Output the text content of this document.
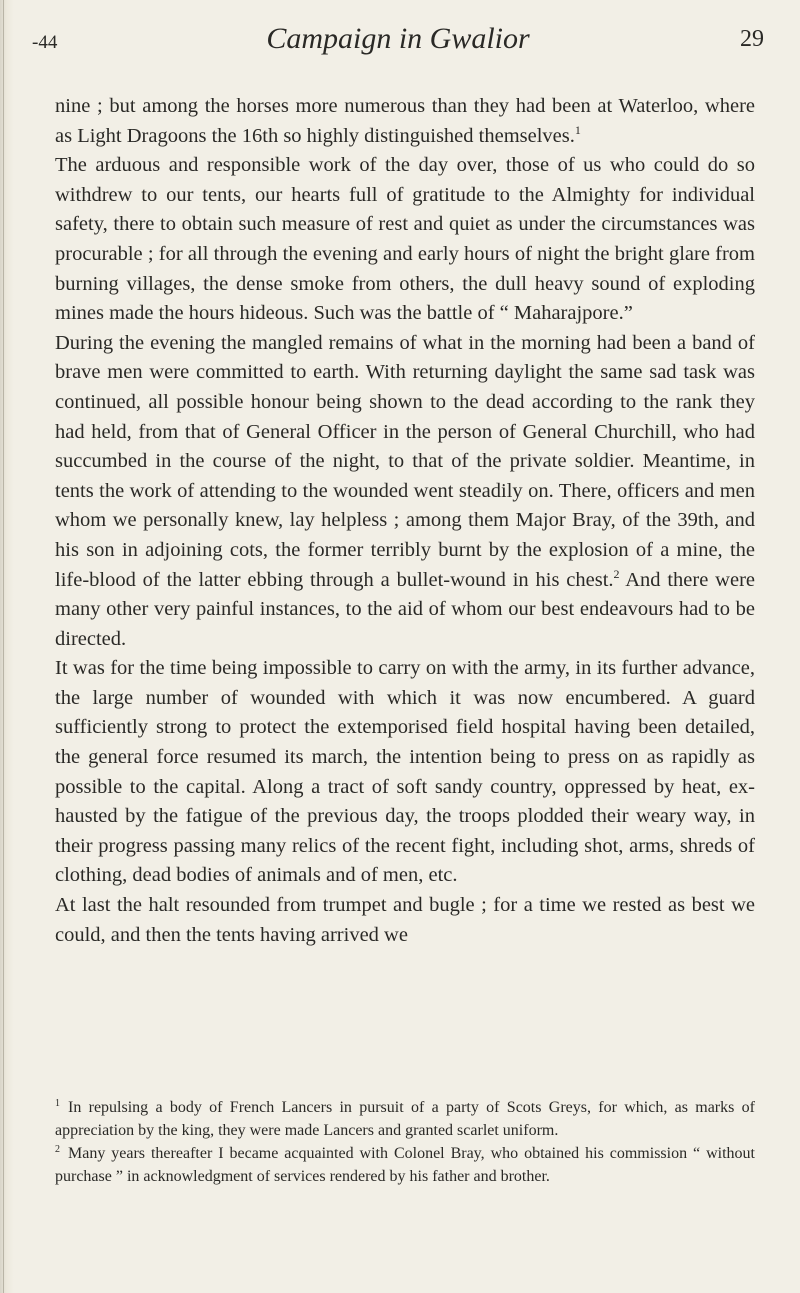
-44	Campaign in Gwalior	29

nine ; but among the horses more numerous than they had been at Waterloo, where as Light Dragoons the 16th so highly distinguished themselves.$^1$

The arduous and responsible work of the day over, those of us who could do so withdrew to our tents, our hearts full of gratitude to the Almighty for individual safety, there to obtain such measure of rest and quiet as under the circumstances was procurable ; for all through the evening and early hours of night the bright glare from burning villages, the dense smoke from others, the dull heavy sound of exploding mines made the hours hideous. Such was the battle of “ Maharajpore.”

During the evening the mangled remains of what in the morning had been a band of brave men were committed to earth. With returning daylight the same sad task was continued, all possible honour being shown to the dead according to the rank they had held, from that of General Officer in the person of General Churchill, who had succumbed in the course of the night, to that of the private soldier. Meantime, in tents the work of attending to the wounded went steadily on. There, officers and men whom we personally knew, lay helpless ; among them Major Bray, of the 39th, and his son in adjoining cots, the former terribly burnt by the explosion of a mine, the life-blood of the latter ebbing through a bullet-wound in his chest.$^2$ And there were many other very painful instances, to the aid of whom our best endeavours had to be directed.

It was for the time being impossible to carry on with the army, in its further advance, the large number of wounded with which it was now encumbered. A guard sufficiently strong to protect the extemporised field hospital having been detailed, the general force resumed its march, the intention being to press on as rapidly as possible to the capital. Along a tract of soft sandy country, oppressed by heat, exhausted by the fatigue of the previous day, the troops plodded their weary way, in their progress passing many relics of the recent fight, including shot, arms, shreds of clothing, dead bodies of animals and of men, etc.

At last the halt resounded from trumpet and bugle ; for a time we rested as best we could, and then the tents having arrived we

$^1$ In repulsing a body of French Lancers in pursuit of a party of Scots Greys, for which, as marks of appreciation by the king, they were made Lancers and granted scarlet uniform.

$^2$ Many years thereafter I became acquainted with Colonel Bray, who obtained his commission “ without purchase ” in acknowledgment of services rendered by his father and brother.
